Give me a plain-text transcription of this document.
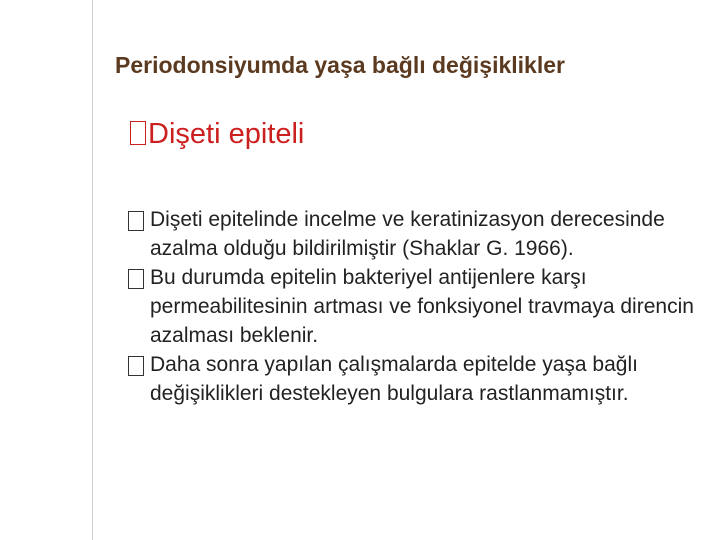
Periodonsiyumda yaşa bağlı değişiklikler
Dişeti epiteli
Dişeti epitelinde incelme ve keratinizasyon derecesinde azalma olduğu bildirilmiştir (Shaklar G. 1966).
Bu durumda epitelin bakteriyel antijenlere karşı permeabilitesinin artması ve fonksiyonel travmaya direncin azalması beklenir.
Daha sonra yapılan çalışmalarda epitelde yaşa bağlı değişiklikleri destekleyen bulgulara rastlanmamıştır.
